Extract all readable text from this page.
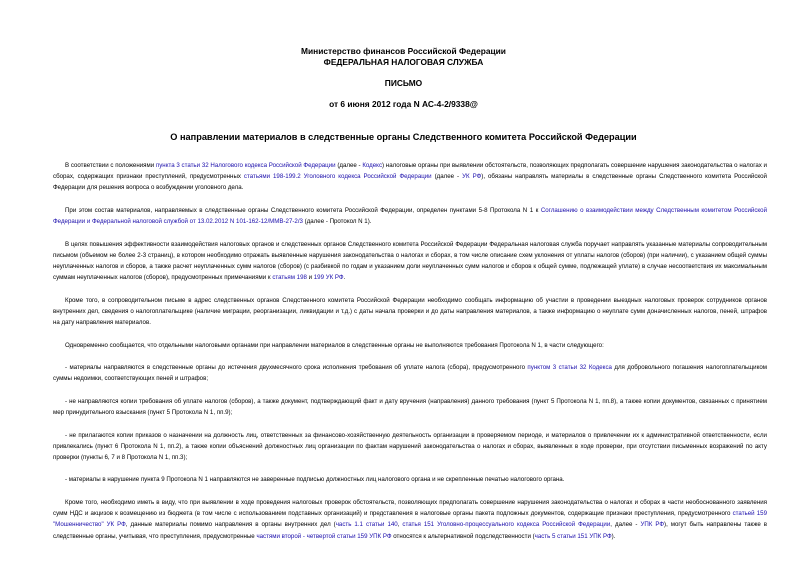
Министерство финансов Российской Федерации

ФЕДЕРАЛЬНАЯ НАЛОГОВАЯ СЛУЖБА

ПИСЬМО

от 6 июня 2012 года N АС-4-2/9338@

О направлении материалов в следственные органы Следственного комитета Российской Федерации

В соответствии с положениями пункта 3 статьи 32 Налогового кодекса Российской Федерации (далее - Кодекс) налоговые органы при выявлении обстоятельств, позволяющих предполагать совершение нарушения законодательства о налогах и сборах, содержащих признаки преступлений, предусмотренных статьями 198-199.2 Уголовного кодекса Российской Федерации (далее - УК РФ), обязаны направлять материалы в следственные органы Следственного комитета Российской Федерации для решения вопроса о возбуждении уголовного дела.

При этом состав материалов, направляемых в следственные органы Следственного комитета Российской Федерации, определен пунктами 5-8 Протокола N 1 к Соглашению о взаимодействии между Следственным комитетом Российской Федерации и Федеральной налоговой службой от 13.02.2012 N 101-162-12/ММВ-27-2/3 (далее - Протокол N 1).

В целях повышения эффективности взаимодействия налоговых органов и следственных органов Следственного комитета Российской Федерации Федеральная налоговая служба поручает направлять указанные материалы сопроводительным письмом (объемом не более 2-3 страниц), в котором необходимо отражать выявленные нарушения законодательства о налогах и сборах, в том числе описание схем уклонения от уплаты налогов (сборов) (при наличии), с указанием общей суммы неуплаченных налогов и сборов, а также расчет неуплаченных сумм налогов (сборов) (с разбивкой по годам и указанием доли неуплаченных сумм налогов и сборов к общей сумме, подлежащей уплате) в случае несоответствия их максимальным суммам неуплаченных налогов (сборов), предусмотренных примечаниями к статьям 198 и 199 УК РФ.

Кроме того, в сопроводительном письме в адрес следственных органов Следственного комитета Российской Федерации необходимо сообщать информацию об участии в проведении выездных налоговых проверок сотрудников органов внутренних дел, сведения о налогоплательщике (наличие миграции, реорганизации, ликвидации и т.д.) с даты начала проверки и до даты направления материалов, а также информацию о неуплате сумм доначисленных налогов, пеней, штрафов на дату направления материалов.

Одновременно сообщается, что отдельными налоговыми органами при направлении материалов в следственные органы не выполняются требования Протокола N 1, в части следующего:

- материалы направляются в следственные органы до истечения двухмесячного срока исполнения требования об уплате налога (сбора), предусмотренного пунктом 3 статьи 32 Кодекса для добровольного погашения налогоплательщиком суммы недоимки, соответствующих пеней и штрафов;

- не направляются копии требования об уплате налогов (сборов), а также документ, подтверждающий факт и дату вручения (направления) данного требования (пункт 5 Протокола N 1, пп.8), а также копии документов, связанных с принятием мер принудительного взыскания (пункт 5 Протокола N 1, пп.9);

- не прилагаются копии приказов о назначении на должность лиц, ответственных за финансово-хозяйственную деятельность организации в проверяемом периоде, и материалов о привлечении их к административной ответственности, если привлекались (пункт 6 Протокола N 1, пп.2), а также копии объяснений должностных лиц организации по фактам нарушений законодательства о налогах и сборах, выявленных в ходе проверки, при отсутствии письменных возражений по акту проверки (пункты 6, 7 и 8 Протокола N 1, пп.3);

- материалы в нарушение пункта 9 Протокола N 1 направляются не заверенные подписью должностных лиц налогового органа и не скрепленные печатью налогового органа.

Кроме того, необходимо иметь в виду, что при выявлении в ходе проведения налоговых проверок обстоятельств, позволяющих предполагать совершение нарушения законодательства о налогах и сборах в части необоснованного заявления сумм НДС и акцизов к возмещению из бюджета (в том числе с использованием подставных организаций) и представления в налоговые органы пакета подложных документов, содержащие признаки преступления, предусмотренного статьей 159 "Мошенничество" УК РФ, данные материалы помимо направления в органы внутренних дел (часть 1.1 статьи 140, статья 151 Уголовно-процессуального кодекса Российской Федерации, далее - УПК РФ), могут быть направлены также в следственные органы, учитывая, что преступления, предусмотренные частями второй - четвертой статьи 159 УПК РФ относятся к альтернативной подследственности (часть 5 статьи 151 УПК РФ).
